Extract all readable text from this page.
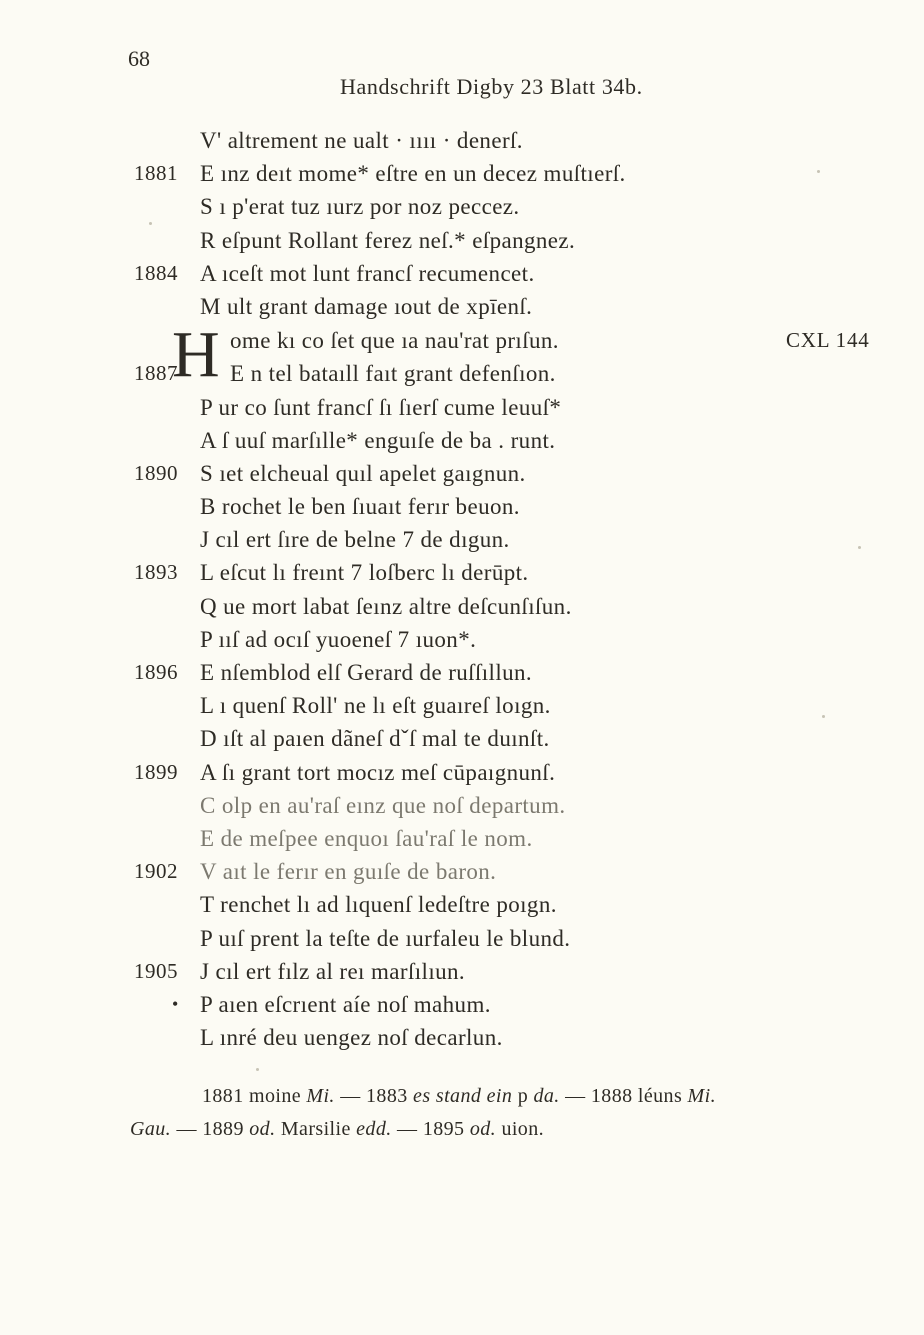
68
Handschrift Digby 23 Blatt 34b.
V' altrement ne ualt · ıııı · denerſ.
1881 E ınz deıt momе* eſtre en un decez muſtıerſ.
S ı p'erat tuz ıurz por noz peccez.
R eſpunt Rollant ferez neſ.* eſpangnez.
1884 A ıceſt mot lunt francſ recumencet.
M ult grant damage ıout de xpīenſ.
H ome kı co ſet que ıa nau'rat prıſun.	CXL 144
1887 E n tel bataıll faıt grant defenſıon.
P ur co ſunt francſ ſı ſıerſ cume leuuſ*
A ſ uuſ marſılle* enguıſe de ba . runt.
1890 S ıet elcheual quıl apelet gaıgnun.
B rochet le ben ſıuaıt ferır beuon.
J cıl ert ſıre de belne 7 de dıgun.
1893 L eſcut lı freınt 7 loſberc lı derūpt.
Q ue mort labat ſeınz altre deſcunſıſun.
P ııſ ad ocıſ yuoenеſ 7 ıuon*.
1896 E nſemblod elſ Gerard de ruſſıllun.
L ı quenſ Roll' ne lı eſt guaıreſ loıgn.
D ıſt al paıen dãneſ dˇſ mal te duınſt.
1899 A ſı grant tort mocız meſ cūpaıgnunſ.
C olp en au'raſ eınz que noſ departum.
E de meſpee enquoı ſau'raſ le nom.
1902 V aıt le ferır en guıſe de baron.
T renchet lı ad lıquenſ ledeſtre poıgn.
P uıſ prent la teſte de ıurfaleu le blund.
1905 J cıl ert fılz al reı marſılıun.
• P aıen eſcrıent aíe noſ mahum.
L ınré deu uengez noſ decarlun.
1881 moine Mi. — 1883 es stand ein p da. — 1888 léuns Mi.
Gau. — 1889 od. Marsilie edd. — 1895 od. uion.
